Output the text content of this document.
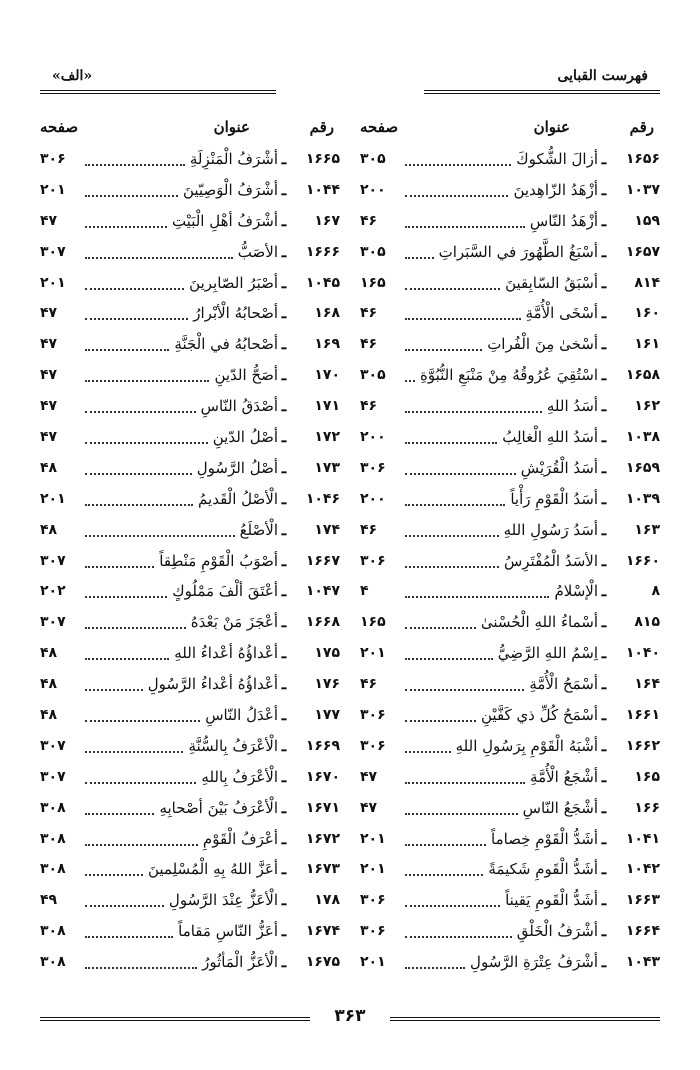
فهرست القبايی
«الف»
رقم
عنوان
صفحه
۱۶۵۶
ـ
أزالَ الشُّكوكَ
۳۰۵
۱۰۳۷
ـ
أزْهَدُ الزّاهِدينَ
۲۰۰
۱۵۹
ـ
أزْهَدُ النّاسِ
۴۶
۱۶۵۷
ـ
أسْبَغُ الطَّهُورَ في السَّبَراتِ
۳۰۵
۸۱۴
ـ
أسْبَقُ السّابِقينَ
۱۶۵
۱۶۰
ـ
أسْخَى الْأُمَّةِ
۴۶
۱۶۱
ـ
أسْخىٰ مِنَ الْفُراتِ
۴۶
۱۶۵۸
ـ
اسْتُقِيَ عُرُوقُهُ مِنْ مَنْبَعِ النُّبُوَّةِ
۳۰۵
۱۶۲
ـ
أسَدُ اللهِ
۴۶
۱۰۳۸
ـ
أسَدُ اللهِ الْغالِبُ
۲۰۰
۱۶۵۹
ـ
أسَدُ الْقُرَيْشِ
۳۰۶
۱۰۳۹
ـ
أسَدُ الْقَوْمِ رَأْياً
۲۰۰
۱۶۳
ـ
أسَدُ رَسُولِ اللهِ
۴۶
۱۶۶۰
ـ
الأسَدُ الْمُفْتَرِسُ
۳۰۶
۸
ـ
الْإسْلامُ
۴
۸۱۵
ـ
أسْماءُ اللهِ الْحُسْنىٰ
۱۶۵
۱۰۴۰
ـ
اِسْمُ اللهِ الرَّضِيُّ
۲۰۱
۱۶۴
ـ
أسْمَحُ الْأُمَّةِ
۴۶
۱۶۶۱
ـ
أسْمَحُ كُلِّ ذي كَفَّيْنِ
۳۰۶
۱۶۶۲
ـ
أشْبَهُ الْقَوْمِ بِرَسُولِ اللهِ
۳۰۶
۱۶۵
ـ
أشْجَعُ الْأُمَّةِ
۴۷
۱۶۶
ـ
أشْجَعُ النّاسِ
۴۷
۱۰۴۱
ـ
أشَدُّ الْقَوْمِ خِصاماً
۲۰۱
۱۰۴۲
ـ
أشَدُّ الْقَومِ شَكيمَةً
۲۰۱
۱۶۶۳
ـ
أشَدُّ الْقَومِ يَقيناً
۳۰۶
۱۶۶۴
ـ
أشْرَفُ الْخَلْقِ
۳۰۶
۱۰۴۳
ـ
أشْرَفُ عِتْرَةِ الرَّسُولِ
۲۰۱
رقم
عنوان
صفحه
۱۶۶۵
ـ
أشْرَفُ الْمَنْزِلَةِ
۳۰۶
۱۰۴۴
ـ
أشْرَفُ الْوَصِيّينَ
۲۰۱
۱۶۷
ـ
أشْرَفُ أهْلِ الْبَيْتِ
۴۷
۱۶۶۶
ـ
الأصَبُّ
۳۰۷
۱۰۴۵
ـ
أصْبَرُ الصّابِرينَ
۲۰۱
۱۶۸
ـ
أصْحابُهُ الْأبْرارُ
۴۷
۱۶۹
ـ
أصْحابُهُ في الْجَنَّةِ
۴۷
۱۷۰
ـ
أصَحُّ الدّينِ
۴۷
۱۷۱
ـ
أصْدَقُ النّاسِ
۴۷
۱۷۲
ـ
أصْلُ الدّينِ
۴۷
۱۷۳
ـ
أصْلُ الرَّسُولِ
۴۸
۱۰۴۶
ـ
الْأصْلُ الْقَديمُ
۲۰۱
۱۷۴
ـ
الْأصْلَعُ
۴۸
۱۶۶۷
ـ
أصْوَبُ الْقَوْمِ مَنْطِقاً
۳۰۷
۱۰۴۷
ـ
أعْتَقَ ألْفَ مَمْلُوكٍ
۲۰۲
۱۶۶۸
ـ
أعْجَزَ مَنْ بَعْدَهُ
۳۰۷
۱۷۵
ـ
أعْداؤُهُ أعْداءُ اللهِ
۴۸
۱۷۶
ـ
أعْداؤُهُ أعْداءُ الرَّسُولِ
۴۸
۱۷۷
ـ
أعْدَلُ النّاسِ
۴۸
۱۶۶۹
ـ
الْأعْرَفُ بِالسُّنَّةِ
۳۰۷
۱۶۷۰
ـ
الْأعْرَفُ بِاللهِ
۳۰۷
۱۶۷۱
ـ
الْأعْرَفُ بَيْنَ أصْحابِهِ
۳۰۸
۱۶۷۲
ـ
أعْرَفُ الْقَوْمِ
۳۰۸
۱۶۷۳
ـ
أعَزَّ اللهُ بِهِ الْمُسْلِمينَ
۳۰۸
۱۷۸
ـ
الْأعَزُّ عِنْدَ الرَّسُولِ
۴۹
۱۶۷۴
ـ
أعَزُّ النّاسِ مَقاماً
۳۰۸
۱۶۷۵
ـ
الْأعَزُّ الْمَأثُورُ
۳۰۸
۳۶۳
